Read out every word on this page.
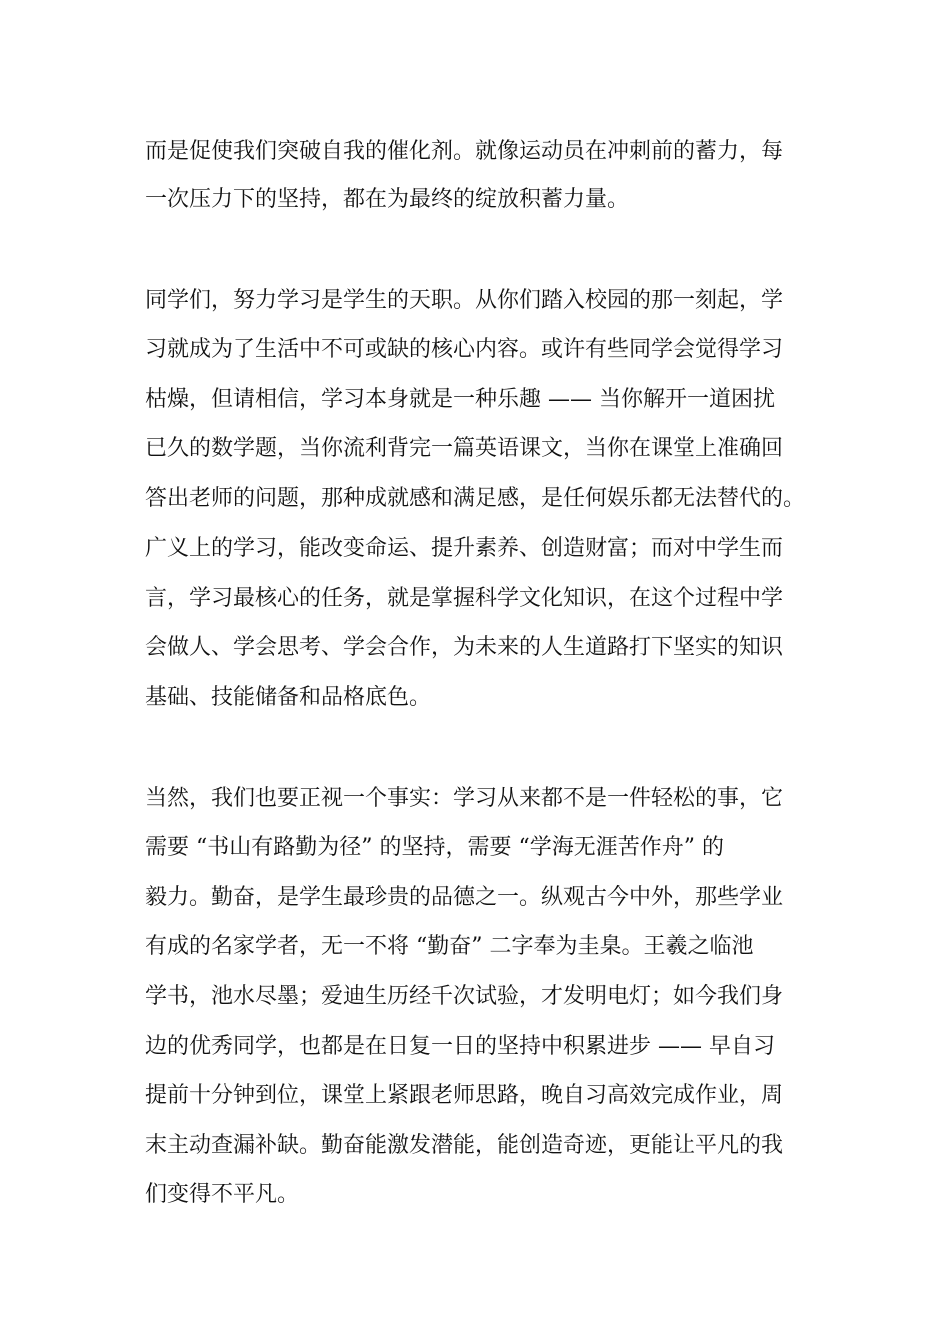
而是促使我们突破自我的催化剂。就像运动员在冲刺前的蓄力，每

一次压力下的坚持，都在为最终的绽放积蓄力量。

同学们，努力学习是学生的天职。从你们踏入校园的那一刻起，学

习就成为了生活中不可或缺的核心内容。或许有些同学会觉得学习

枯燥，但请相信，学习本身就是一种乐趣 —— 当你解开一道困扰

已久的数学题，当你流利背完一篇英语课文，当你在课堂上准确回

答出老师的问题，那种成就感和满足感，是任何娱乐都无法替代的。

广义上的学习，能改变命运、提升素养、创造财富；而对中学生而

言，学习最核心的任务，就是掌握科学文化知识，在这个过程中学

会做人、学会思考、学会合作，为未来的人生道路打下坚实的知识

基础、技能储备和品格底色。

当然，我们也要正视一个事实：学习从来都不是一件轻松的事，它

需要 “书山有路勤为径” 的坚持，需要 “学海无涯苦作舟” 的

毅力。勤奋，是学生最珍贵的品德之一。纵观古今中外，那些学业

有成的名家学者，无一不将 “勤奋” 二字奉为圭臬。王羲之临池

学书，池水尽墨；爱迪生历经千次试验，才发明电灯；如今我们身

边的优秀同学，也都是在日复一日的坚持中积累进步 —— 早自习

提前十分钟到位，课堂上紧跟老师思路，晚自习高效完成作业，周

末主动查漏补缺。勤奋能激发潜能，能创造奇迹，更能让平凡的我

们变得不平凡。
